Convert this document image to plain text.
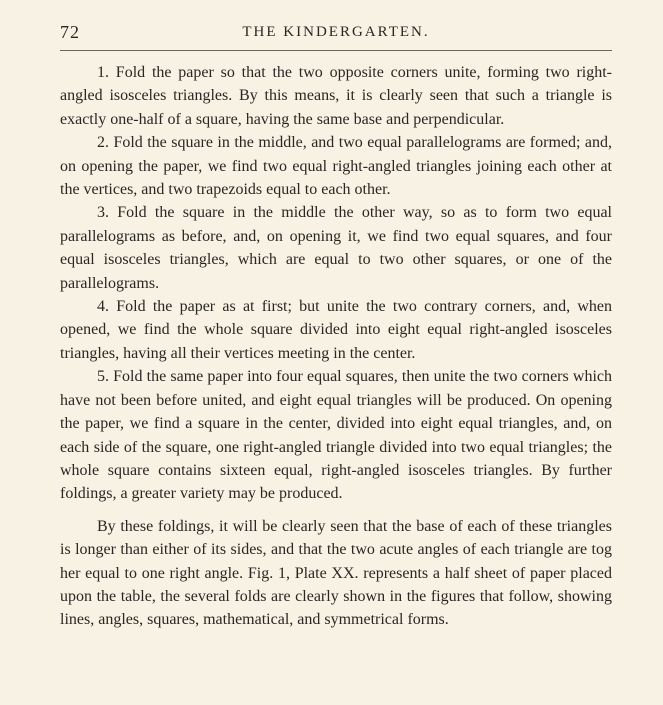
72	THE KINDERGARTEN.

1. Fold the paper so that the two opposite corners unite, forming two right-angled isosceles triangles. By this means, it is clearly seen that such a triangle is exactly one-half of a square, having the same base and perpendicular.

2. Fold the square in the middle, and two equal parallelograms are formed; and, on opening the paper, we find two equal right-angled triangles joining each other at the vertices, and two trapezoids equal to each other.

3. Fold the square in the middle the other way, so as to form two equal parallelograms as before, and, on opening it, we find two equal squares, and four equal isosceles triangles, which are equal to two other squares, or one of the parallelograms.

4. Fold the paper as at first; but unite the two contrary corners, and, when opened, we find the whole square divided into eight equal right-angled isosceles triangles, having all their vertices meeting in the center.

5. Fold the same paper into four equal squares, then unite the two corners which have not been before united, and eight equal triangles will be produced. On opening the paper, we find a square in the center, divided into eight equal triangles, and, on each side of the square, one right-angled triangle divided into two equal triangles; the whole square contains sixteen equal, right-angled isosceles triangles. By further foldings, a greater variety may be produced.

By these foldings, it will be clearly seen that the base of each of these triangles is longer than either of its sides, and that the two acute angles of each triangle are tog her equal to one right angle. Fig. 1, Plate XX. represents a half sheet of paper placed upon the table, the several folds are clearly shown in the figures that follow, showing lines, angles, squares, mathematical, and symmetrical forms.
